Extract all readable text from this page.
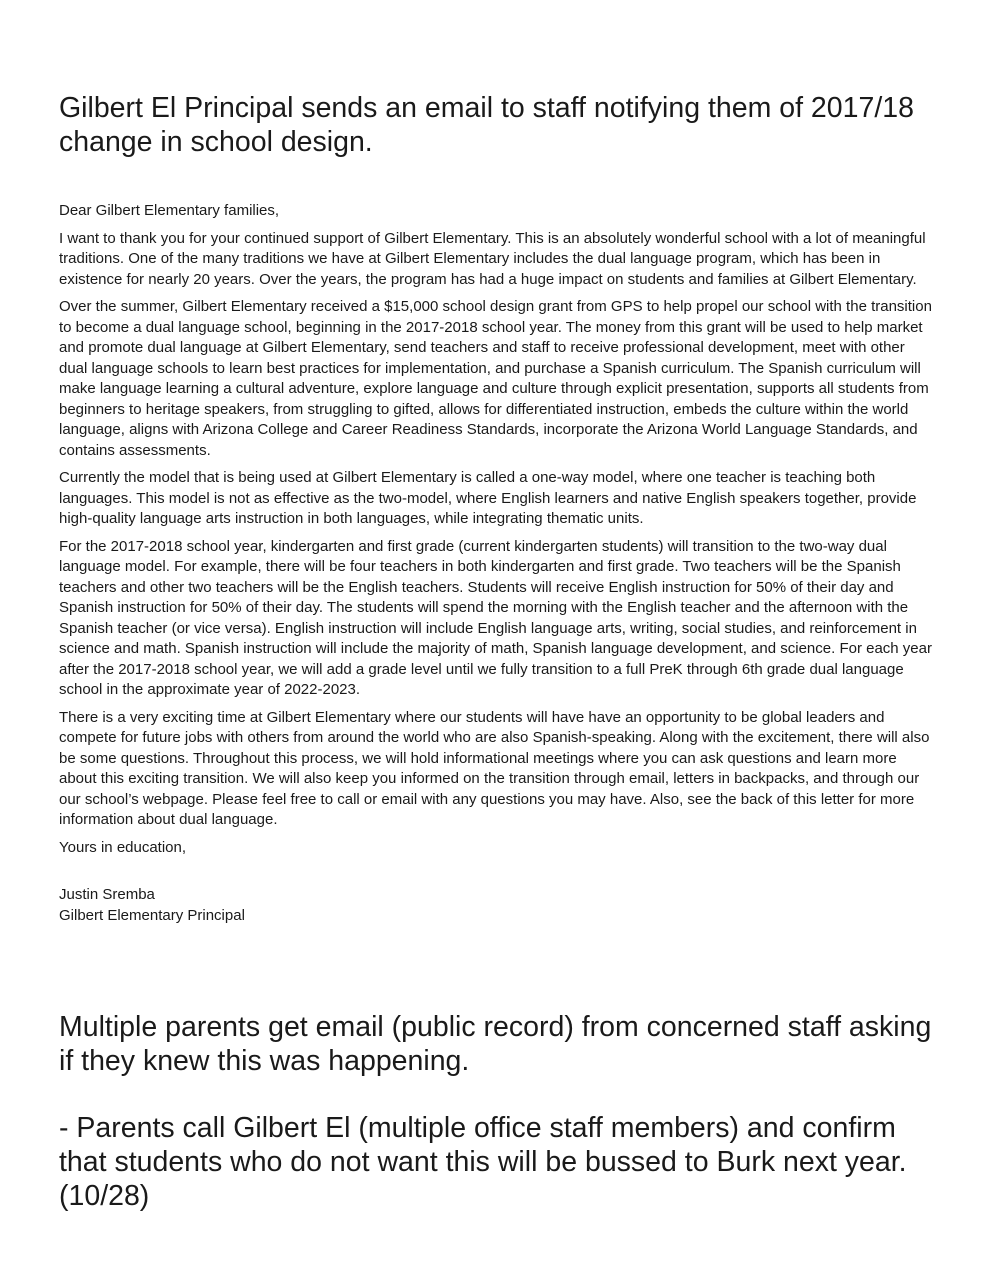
Gilbert El Principal sends an email to staff notifying them of 2017/18 change in school design.

Dear Gilbert Elementary families,

I want to thank you for your continued support of Gilbert Elementary. This is an absolutely wonderful school with a lot of meaningful traditions. One of the many traditions we have at Gilbert Elementary includes the dual language program, which has been in existence for nearly 20 years. Over the years, the program has had a huge impact on students and families at Gilbert Elementary.

Over the summer, Gilbert Elementary received a $15,000 school design grant from GPS to help propel our school with the transition to become a dual language school, beginning in the 2017-2018 school year. The money from this grant will be used to help market and promote dual language at Gilbert Elementary, send teachers and staff to receive professional development, meet with other dual language schools to learn best practices for implementation, and purchase a Spanish curriculum. The Spanish curriculum will make language learning a cultural adventure, explore language and culture through explicit presentation, supports all students from beginners to heritage speakers, from struggling to gifted, allows for differentiated instruction, embeds the culture within the world language, aligns with Arizona College and Career Readiness Standards, incorporate the Arizona World Language Standards, and contains assessments.

Currently the model that is being used at Gilbert Elementary is called a one-way model, where one teacher is teaching both languages. This model is not as effective as the two-model, where English learners and native English speakers together, provide high-quality language arts instruction in both languages, while integrating thematic units.

For the 2017-2018 school year, kindergarten and first grade (current kindergarten students) will transition to the two-way dual language model. For example, there will be four teachers in both kindergarten and first grade. Two teachers will be the Spanish teachers and other two teachers will be the English teachers. Students will receive English instruction for 50% of their day and Spanish instruction for 50% of their day. The students will spend the morning with the English teacher and the afternoon with the Spanish teacher (or vice versa). English instruction will include English language arts, writing, social studies, and reinforcement in science and math. Spanish instruction will include the majority of math, Spanish language development, and science. For each year after the 2017-2018 school year, we will add a grade level until we fully transition to a full PreK through 6th grade dual language school in the approximate year of 2022-2023.

There is a very exciting time at Gilbert Elementary where our students will have have an opportunity to be global leaders and compete for future jobs with others from around the world who are also Spanish-speaking. Along with the excitement, there will also be some questions. Throughout this process, we will hold informational meetings where you can ask questions and learn more about this exciting transition. We will also keep you informed on the transition through email, letters in backpacks, and through our our school’s webpage. Please feel free to call or email with any questions you may have. Also, see the back of this letter for more information about dual language.

Yours in education,

Justin Sremba
Gilbert Elementary Principal

Multiple parents get email (public record) from concerned staff asking if they knew this was happening.
- Parents call Gilbert El (multiple office staff members) and confirm that students who do not want this will be bussed to Burk next year. (10/28)
